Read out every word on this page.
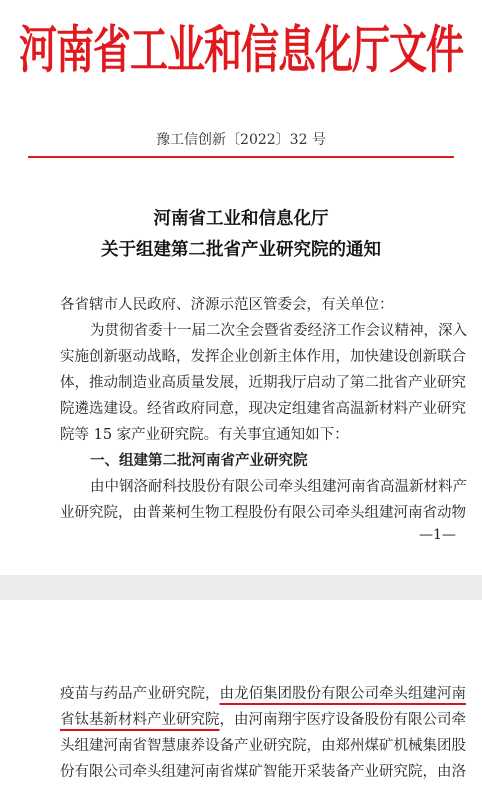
河南省工业和信息化厅文件
豫工信创新〔2022〕32 号
河南省工业和信息化厅
关于组建第二批省产业研究院的通知
各省辖市人民政府、济源示范区管委会，有关单位：
为贯彻省委十一届二次全会暨省委经济工作会议精神，深入
实施创新驱动战略，发挥企业创新主体作用，加快建设创新联合
体，推动制造业高质量发展，近期我厅启动了第二批省产业研究
院遴选建设。经省政府同意，现决定组建省高温新材料产业研究
院等 15 家产业研究院。有关事宜通知如下：
一、组建第二批河南省产业研究院
由中钢洛耐科技股份有限公司牵头组建河南省高温新材料产
业研究院，由普莱柯生物工程股份有限公司牵头组建河南省动物
—1—
疫苗与药品产业研究院，由龙佰集团股份有限公司牵头组建河南
省钛基新材料产业研究院，由河南翔宇医疗设备股份有限公司牵
头组建河南省智慧康养设备产业研究院，由郑州煤矿机械集团股
份有限公司牵头组建河南省煤矿智能开采装备产业研究院，由洛
